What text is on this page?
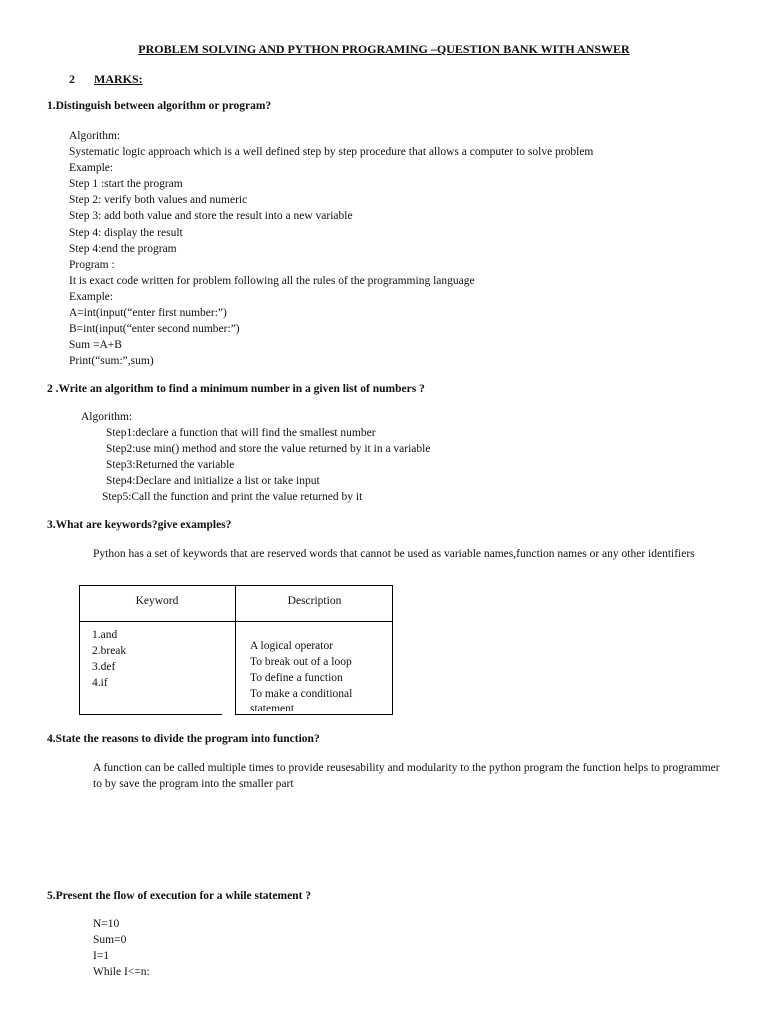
PROBLEM SOLVING AND PYTHON PROGRAMING –QUESTION BANK WITH ANSWER
2 MARKS:
1.Distinguish between algorithm or program?
Algorithm:
Systematic logic approach which is a well defined step by step procedure that allows a computer to solve problem
Example:
Step 1 :start the program
Step 2: verify both values and numeric
Step 3: add both value and store the result into a new variable
Step 4: display the result
Step 4:end the program
Program :
It is exact code written for problem following all the rules of the programming language
Example:
A=int(input(“enter first number:”)
B=int(input(“enter second number:”)
Sum =A+B
Print(“sum:”,sum)
2 .Write an algorithm to find a minimum number in a given list of numbers ?
Algorithm:
Step1:declare a function that will find the smallest number
Step2:use min() method and store the value returned by it in a variable
Step3:Returned the variable
Step4:Declare and initialize a list or take input
Step5:Call the function and print the value returned by it
3.What are keywords?give examples?
Python has a set of keywords that are reserved words that cannot be used as variable names,function names or any other identifiers
Keyword	Description
1.and
2.break
3.def
4.if
A logical operator
To break out of a loop
To define a function
To make a conditional
statement
4.State the reasons to divide the program into function?
A function can be called multiple times to provide reusesability and modularity to the python program the function helps to programmer to by save the program into the smaller part
5.Present the flow of execution for a while statement ?
N=10
Sum=0
I=1
While I<=n:
